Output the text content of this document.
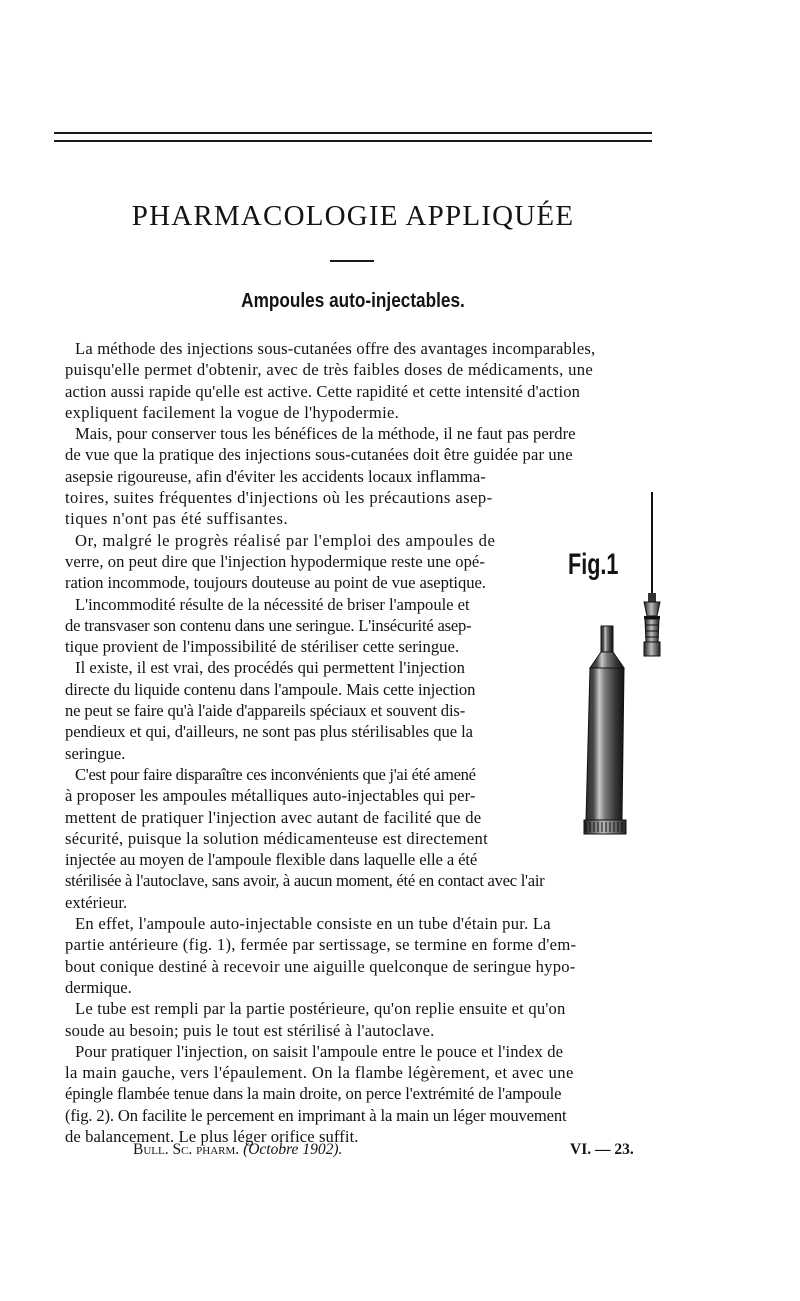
PHARMACOLOGIE APPLIQUÉE
Ampoules auto-injectables.
La méthode des injections sous-cutanées offre des avantages incomparables,
puisqu'elle permet d'obtenir, avec de très faibles doses de médicaments, une
action aussi rapide qu'elle est active. Cette rapidité et cette intensité d'action
expliquent facilement la vogue de l'hypodermie.
Mais, pour conserver tous les bénéfices de la méthode, il ne faut pas perdre
de vue que la pratique des injections sous-cutanées doit être guidée par une
asepsie rigoureuse, afin d'éviter les accidents locaux inflamma-
toires, suites fréquentes d'injections où les précautions asep-
tiques n'ont pas été suffisantes.
Or, malgré le progrès réalisé par l'emploi des ampoules de
verre, on peut dire que l'injection hypodermique reste une opé-
ration incommode, toujours douteuse au point de vue aseptique.
L'incommodité résulte de la nécessité de briser l'ampoule et
de transvaser son contenu dans une seringue. L'insécurité asep-
tique provient de l'impossibilité de stériliser cette seringue.
Il existe, il est vrai, des procédés qui permettent l'injection
directe du liquide contenu dans l'ampoule. Mais cette injection
ne peut se faire qu'à l'aide d'appareils spéciaux et souvent dis-
pendieux et qui, d'ailleurs, ne sont pas plus stérilisables que la
seringue.
C'est pour faire disparaître ces inconvénients que j'ai été amené
à proposer les ampoules métalliques auto-injectables qui per-
mettent de pratiquer l'injection avec autant de facilité que de
sécurité, puisque la solution médicamenteuse est directement
injectée au moyen de l'ampoule flexible dans laquelle elle a été
stérilisée à l'autoclave, sans avoir, à aucun moment, été en contact avec l'air
extérieur.
En effet, l'ampoule auto-injectable consiste en un tube d'étain pur. La
partie antérieure (fig. 1), fermée par sertissage, se termine en forme d'em-
bout conique destiné à recevoir une aiguille quelconque de seringue hypo-
dermique.
Le tube est rempli par la partie postérieure, qu'on replie ensuite et qu'on
soude au besoin; puis le tout est stérilisé à l'autoclave.
Pour pratiquer l'injection, on saisit l'ampoule entre le pouce et l'index de
la main gauche, vers l'épaulement. On la flambe légèrement, et avec une
épingle flambée tenue dans la main droite, on perce l'extrémité de l'ampoule
(fig. 2). On facilite le percement en imprimant à la main un léger mouvement
de balancement. Le plus léger orifice suffit.
Fig.1
Bull. Sc. pharm. (Octobre 1902).	VI. — 23.
